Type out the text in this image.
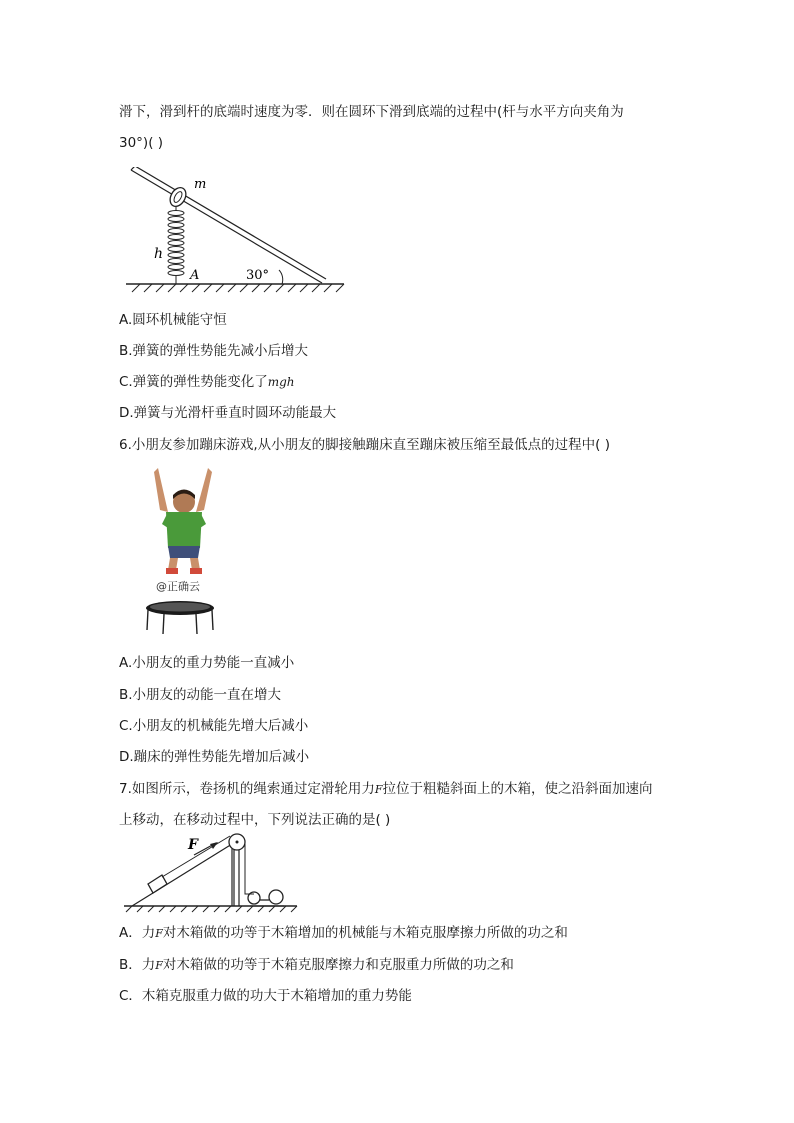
滑下，滑到杆的底端时速度为零．则在圆环下滑到底端的过程中(杆与水平方向夹角为
30°)( )
m
h
A	30°
A.圆环机械能守恒
B.弹簧的弹性势能先减小后增大
C.弹簧的弹性势能变化了mgh
D.弹簧与光滑杆垂直时圆环动能最大
6.小朋友参加蹦床游戏,从小朋友的脚接触蹦床直至蹦床被压缩至最低点的过程中( )
@正确云
A.小朋友的重力势能一直减小
B.小朋友的动能一直在增大
C.小朋友的机械能先增大后减小
D.蹦床的弹性势能先增加后减小
7.如图所示，卷扬机的绳索通过定滑轮用力F拉位于粗糙斜面上的木箱，使之沿斜面加速向
上移动，在移动过程中，下列说法正确的是( )
F
A．力F对木箱做的功等于木箱增加的机械能与木箱克服摩擦力所做的功之和
B．力F对木箱做的功等于木箱克服摩擦力和克服重力所做的功之和
C．木箱克服重力做的功大于木箱增加的重力势能
